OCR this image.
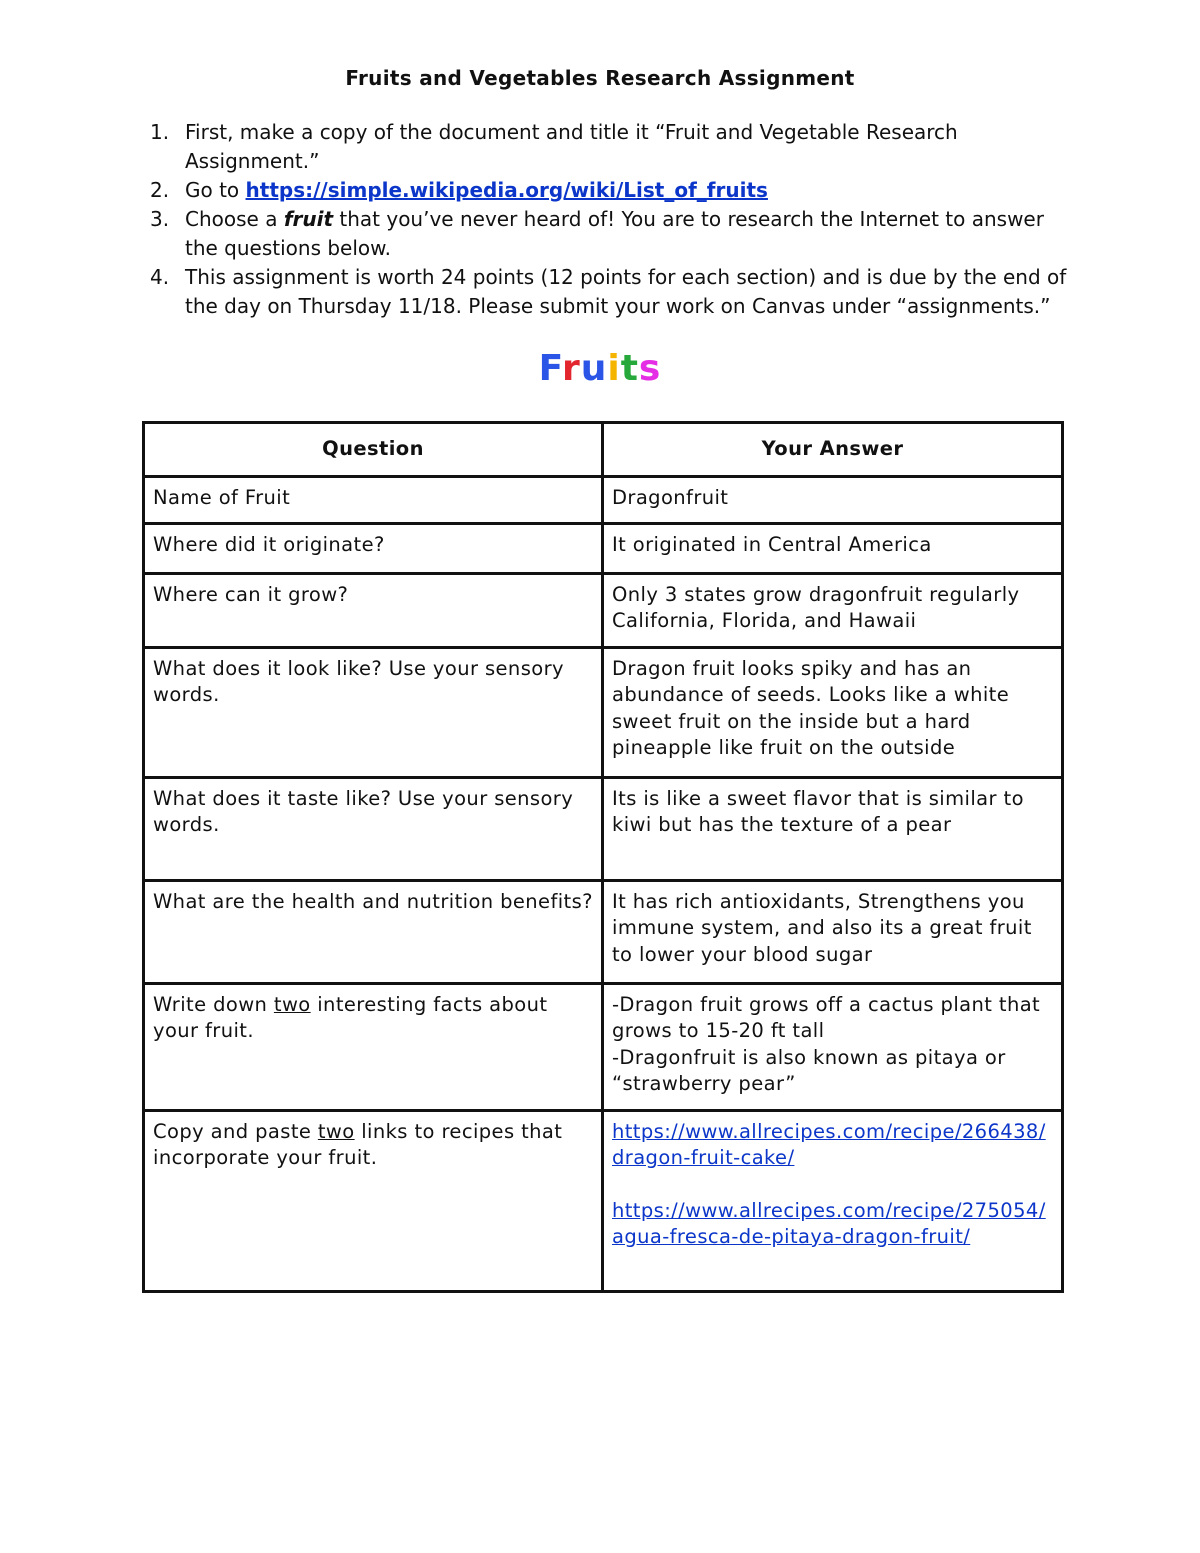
Fruits and Vegetables Research Assignment
1. First, make a copy of the document and title it “Fruit and Vegetable Research Assignment.”
2. Go to https://simple.wikipedia.org/wiki/List_of_fruits
3. Choose a fruit that you’ve never heard of! You are to research the Internet to answer the questions below.
4. This assignment is worth 24 points (12 points for each section) and is due by the end of the day on Thursday 11/18. Please submit your work on Canvas under “assignments.”
Fruits
Question	Your Answer
Name of Fruit	Dragonfruit

Where did it originate?	It originated in Central America

Where can it grow?	Only 3 states grow dragonfruit regularly California, Florida, and Hawaii

What does it look like? Use your sensory words.	Dragon fruit looks spiky and has an abundance of seeds. Looks like a white sweet fruit on the inside but a hard pineapple like fruit on the outside

What does it taste like? Use your sensory words.	Its is like a sweet flavor that is similar to kiwi but has the texture of a pear

What are the health and nutrition benefits?	It has rich antioxidants, Strengthens you immune system, and also its a great fruit to lower your blood sugar

Write down two interesting facts about your fruit.	-Dragon fruit grows off a cactus plant that grows to 15-20 ft tall
-Dragonfruit is also known as pitaya or “strawberry pear”

Copy and paste two links to recipes that incorporate your fruit.	https://www.allrecipes.com/recipe/266438/dragon-fruit-cake/
https://www.allrecipes.com/recipe/275054/agua-fresca-de-pitaya-dragon-fruit/
